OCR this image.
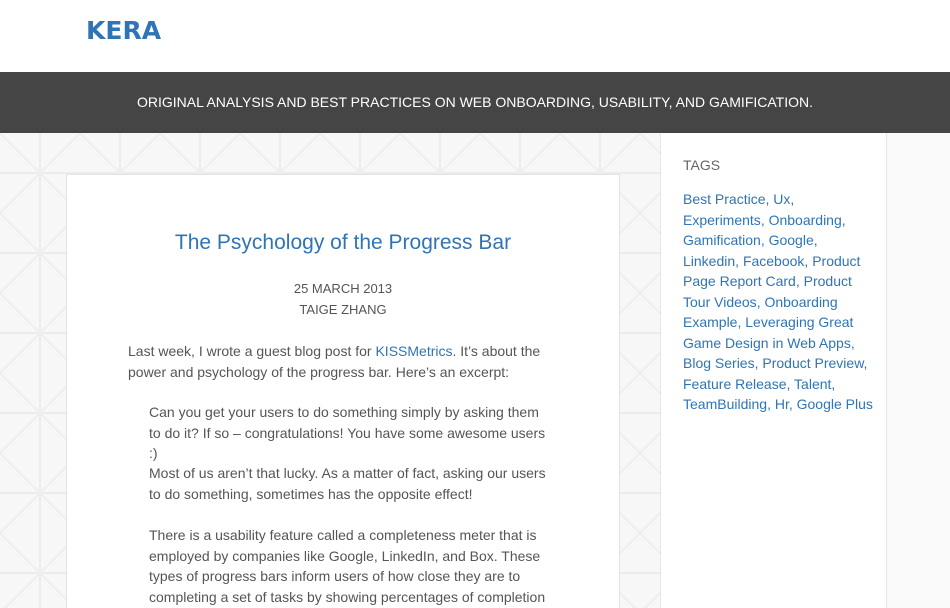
KERA
ORIGINAL ANALYSIS AND BEST PRACTICES ON WEB ONBOARDING, USABILITY, AND GAMIFICATION.
The Psychology of the Progress Bar
25 MARCH 2013
TAIGE ZHANG

Last week, I wrote a guest blog post for KISSMetrics. It’s about the power and psychology of the progress bar. Here’s an excerpt:

Can you get your users to do something simply by asking them to do it? If so – congratulations! You have some awesome users :)

Most of us aren’t that lucky. As a matter of fact, asking our users to do something, sometimes has the opposite effect!

There is a usability feature called a completeness meter that is employed by companies like Google, LinkedIn, and Box. These types of progress bars inform users of how close they are to completing a set of tasks by showing percentages of completion

TAGS
Best Practice, Ux, Experiments, Onboarding, Gamification, Google, Linkedin, Facebook, Product Page Report Card, Product Tour Videos, Onboarding Example, Leveraging Great Game Design in Web Apps, Blog Series, Product Preview, Feature Release, Talent, TeamBuilding, Hr, Google Plus
